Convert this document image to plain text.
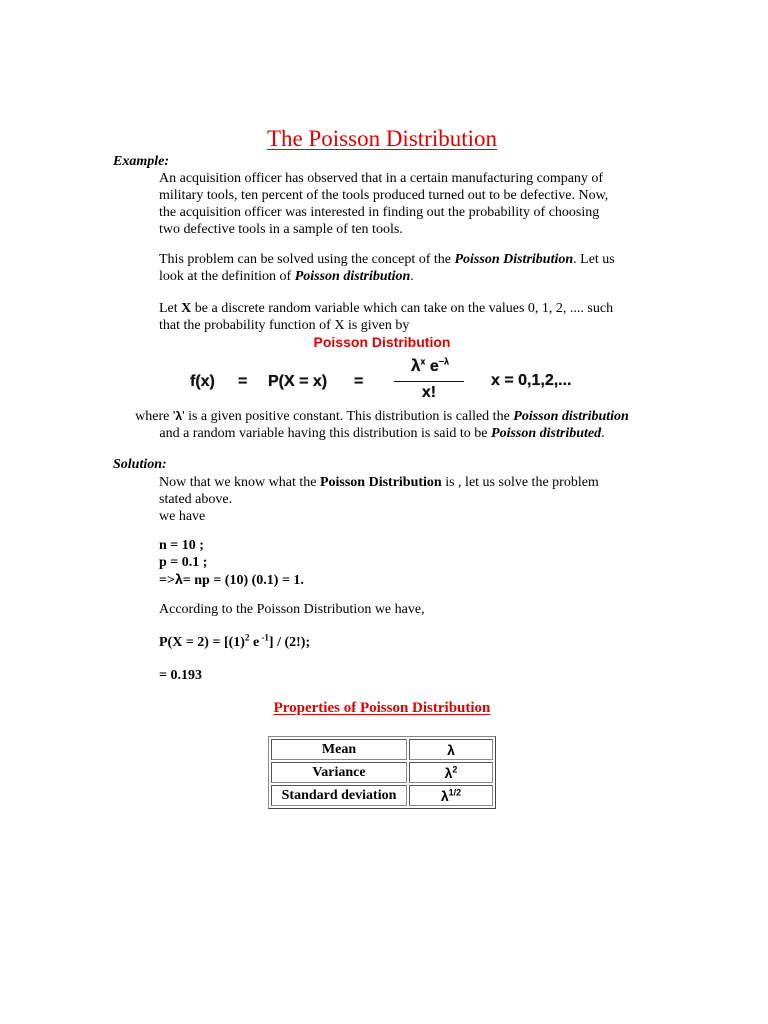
The Poisson Distribution
Example:
An acquisition officer has observed that in a certain manufacturing company of
military tools, ten percent of the tools produced turned out to be defective. Now,
the acquisition officer was interested in finding out the probability of choosing
two defective tools in a sample of ten tools.
This problem can be solved using the concept of the Poisson Distribution. Let us
look at the definition of Poisson distribution.
Let X be a discrete random variable which can take on the values 0, 1, 2, .... such
that the probability function of X is given by
Poisson Distribution
f(x) = P(X = x) =
$\lambda^x$ $e^{-\lambda}$
x!
x = 0,1,2,...
where 'λ' is a given positive constant. This distribution is called the Poisson distribution
and a random variable having this distribution is said to be Poisson distributed.
Solution:
Now that we know what the Poisson Distribution is , let us solve the problem
stated above.
we have
n = 10 ;
p = 0.1 ;
=>λ= np = (10) (0.1) = 1.
According to the Poisson Distribution we have,
$P(X = 2) = [(1)^2$ e $^{-1}$] / (2!);
= 0.193
Properties of Poisson Distribution
Mean	λ
Variance	$\lambda^2$
Standard deviation	$\lambda^{1/2}$
